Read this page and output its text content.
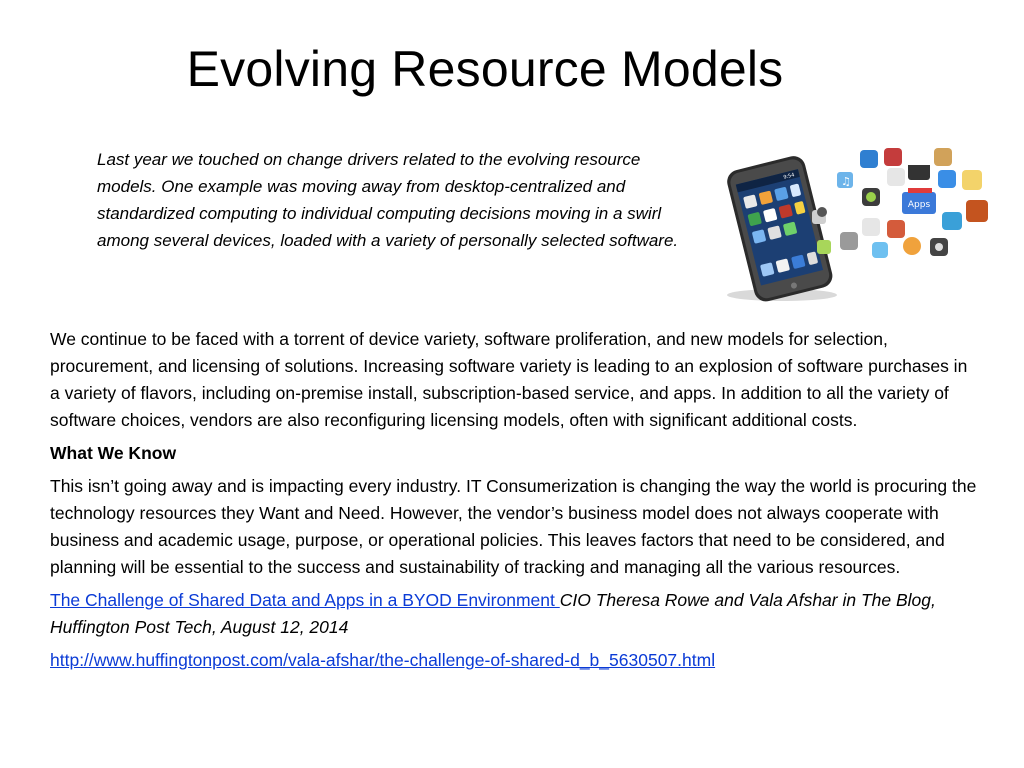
Evolving Resource Models

Last year we touched on change drivers related to the evolving resource models. One example was moving away from desktop-centralized and standardized computing to individual computing decisions moving in a swirl among several devices, loaded with a variety of personally selected software.

9:54	♫
Apps

We continue to be faced with a torrent of device variety, software proliferation, and new models for selection, procurement, and licensing of solutions. Increasing software variety is leading to an explosion of software purchases in a variety of flavors, including on-premise install, subscription-based service, and apps. In addition to all the variety of software choices, vendors are also reconfiguring licensing models, often with significant additional costs.

What We Know

This isn’t going away and is impacting every industry. IT Consumerization is changing the way the world is procuring the technology resources they Want and Need. However, the vendor’s business model does not always cooperate with business and academic usage, purpose, or operational policies. This leaves factors that need to be considered, and planning will be essential to the success and sustainability of tracking and managing all the various resources.

The Challenge of Shared Data and Apps in a BYOD Environment CIO Theresa Rowe and Vala Afshar in The Blog, Huffington Post Tech, August 12, 2014

http://www.huffingtonpost.com/vala-afshar/the-challenge-of-shared-d_b_5630507.html
